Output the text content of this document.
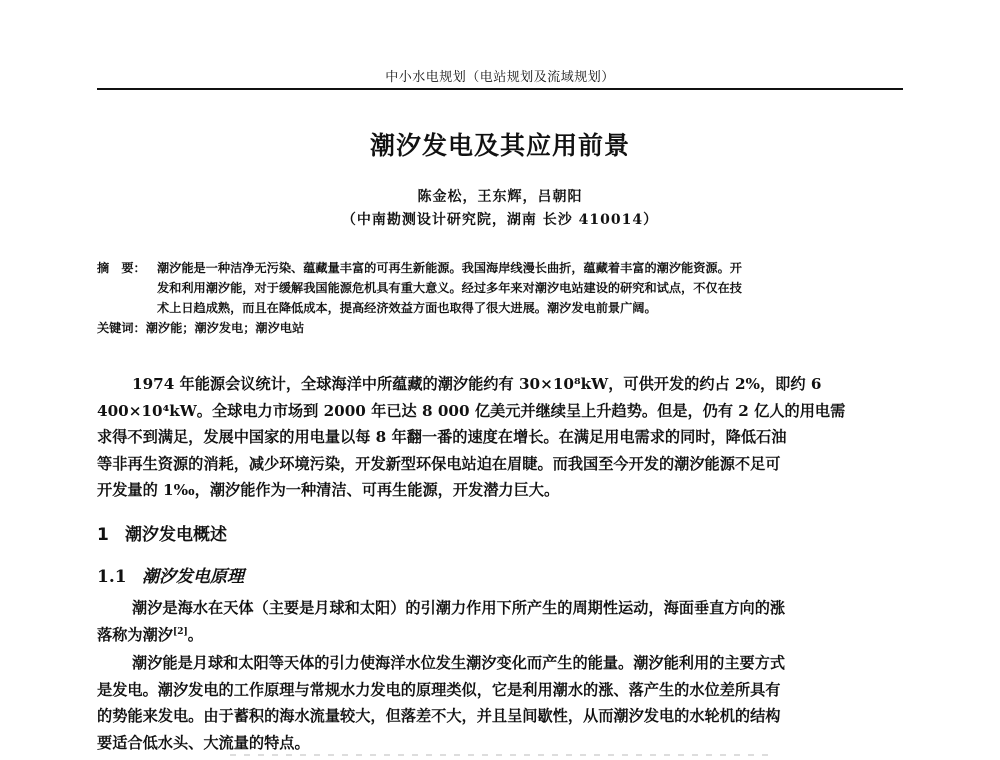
中小水电规划（电站规划及流域规划）
潮汐发电及其应用前景
陈金松，王东辉，吕朝阳
（中南勘测设计研究院，湖南 长沙 410014）
摘　要： 潮汐能是一种洁净无污染、蕴藏量丰富的可再生新能源。我国海岸线漫长曲折，蕴藏着丰富的潮汐能资源。开
发和利用潮汐能，对于缓解我国能源危机具有重大意义。经过多年来对潮汐电站建设的研究和试点，不仅在技
术上日趋成熟，而且在降低成本，提高经济效益方面也取得了很大进展。潮汐发电前景广阔。
关键词： 潮汐能；潮汐发电；潮汐电站
1974 年能源会议统计，全球海洋中所蕴藏的潮汐能约有 30×10⁸kW，可供开发的约占 2%，即约 6
400×10⁴kW。全球电力市场到 2000 年已达 8 000 亿美元并继续呈上升趋势。但是，仍有 2 亿人的用电需
求得不到满足，发展中国家的用电量以每 8 年翻一番的速度在增长。在满足用电需求的同时，降低石油
等非再生资源的消耗，减少环境污染，开发新型环保电站迫在眉睫。而我国至今开发的潮汐能源不足可
开发量的 1‰，潮汐能作为一种清洁、可再生能源，开发潜力巨大。
1 潮汐发电概述
1.1 潮汐发电原理
潮汐是海水在天体（主要是月球和太阳）的引潮力作用下所产生的周期性运动，海面垂直方向的涨
落称为潮汐[2]。
潮汐能是月球和太阳等天体的引力使海洋水位发生潮汐变化而产生的能量。潮汐能利用的主要方式
是发电。潮汐发电的工作原理与常规水力发电的原理类似，它是利用潮水的涨、落产生的水位差所具有
的势能来发电。由于蓄积的海水流量较大，但落差不大，并且呈间歇性，从而潮汐发电的水轮机的结构
要适合低水头、大流量的特点。
